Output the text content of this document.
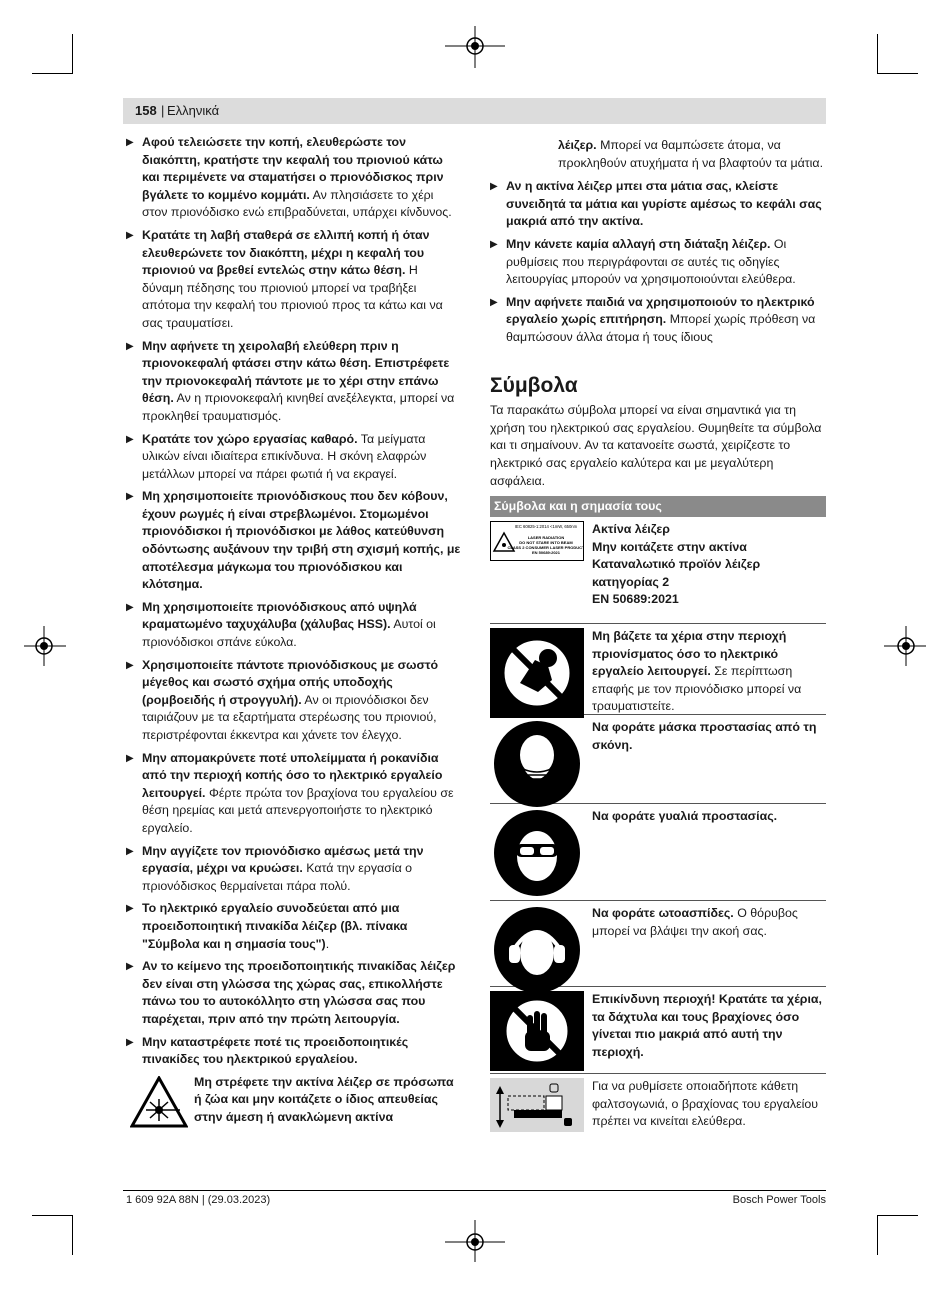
158 | Ελληνικά

▶ Αφού τελειώσετε την κοπή, ελευθερώστε τον διακόπτη, κρατήστε την κεφαλή του πριονιού κάτω και περιμένετε να σταματήσει ο πριονόδισκος πριν βγάλετε το κομμένο κομμάτι. Αν πλησιάσετε το χέρι στον πριονόδισκο ενώ επιβραδύνεται, υπάρχει κίνδυνος.

▶ Κρατάτε τη λαβή σταθερά σε ελλιπή κοπή ή όταν ελευθερώνετε τον διακόπτη, μέχρι η κεφαλή του πριονιού να βρεθεί εντελώς στην κάτω θέση. Η δύναμη πέδησης του πριονιού μπορεί να τραβήξει απότομα την κεφαλή του πριονιού προς τα κάτω και να σας τραυματίσει.

▶ Μην αφήνετε τη χειρολαβή ελεύθερη πριν η πριονοκεφαλή φτάσει στην κάτω θέση. Επιστρέφετε την πριονοκεφαλή πάντοτε με το χέρι στην επάνω θέση. Αν η πριονοκεφαλή κινηθεί ανεξέλεγκτα, μπορεί να προκληθεί τραυματισμός.

▶ Κρατάτε τον χώρο εργασίας καθαρό. Τα μείγματα υλικών είναι ιδιαίτερα επικίνδυνα. Η σκόνη ελαφρών μετάλλων μπορεί να πάρει φωτιά ή να εκραγεί.

▶ Μη χρησιμοποιείτε πριονόδισκους που δεν κόβουν, έχουν ρωγμές ή είναι στρεβλωμένοι. Στομωμένοι πριονόδισκοι ή πριονόδισκοι με λάθος κατεύθυνση οδόντωσης αυξάνουν την τριβή στη σχισμή κοπής, με αποτέλεσμα μάγκωμα του πριονόδισκου και κλότσημα.

▶ Μη χρησιμοποιείτε πριονόδισκους από υψηλά κραματωμένο ταχυχάλυβα (χάλυβας HSS). Αυτοί οι πριονόδισκοι σπάνε εύκολα.

▶ Χρησιμοποιείτε πάντοτε πριονόδισκους με σωστό μέγεθος και σωστό σχήμα οπής υποδοχής (ρομβοειδής ή στρογγυλή). Αν οι πριονόδισκοι δεν ταιριάζουν με τα εξαρτήματα στερέωσης του πριονιού, περιστρέφονται έκκεντρα και χάνετε τον έλεγχο.

▶ Μην απομακρύνετε ποτέ υπολείμματα ή ροκανίδια από την περιοχή κοπής όσο το ηλεκτρικό εργαλείο λειτουργεί. Φέρτε πρώτα τον βραχίονα του εργαλείου σε θέση ηρεμίας και μετά απενεργοποιήστε το ηλεκτρικό εργαλείο.

▶ Μην αγγίζετε τον πριονόδισκο αμέσως μετά την εργασία, μέχρι να κρυώσει. Κατά την εργασία ο πριονόδισκος θερμαίνεται πάρα πολύ.

▶ Το ηλεκτρικό εργαλείο συνοδεύεται από μια προειδοποιητική πινακίδα λέιζερ (βλ. πίνακα "Σύμβολα και η σημασία τους").

▶ Αν το κείμενο της προειδοποιητικής πινακίδας λέιζερ δεν είναι στη γλώσσα της χώρας σας, επικολλήστε πάνω του το αυτοκόλλητο στη γλώσσα σας που παρέχεται, πριν από την πρώτη λειτουργία.

▶ Μην καταστρέφετε ποτέ τις προειδοποιητικές πινακίδες του ηλεκτρικού εργαλείου.

Μη στρέφετε την ακτίνα λέιζερ σε πρόσωπα ή ζώα και μην κοιτάζετε ο ίδιος απευθείας στην άμεση ή ανακλώμενη ακτίνα

λέιζερ. Μπορεί να θαμπώσετε άτομα, να προκληθούν ατυχήματα ή να βλαφτούν τα μάτια.

▶ Αν η ακτίνα λέιζερ μπει στα μάτια σας, κλείστε συνειδητά τα μάτια και γυρίστε αμέσως το κεφάλι σας μακριά από την ακτίνα.

▶ Μην κάνετε καμία αλλαγή στη διάταξη λέιζερ. Οι ρυθμίσεις που περιγράφονται σε αυτές τις οδηγίες λειτουργίας μπορούν να χρησιμοποιούνται ελεύθερα.

▶ Μην αφήνετε παιδιά να χρησιμοποιούν το ηλεκτρικό εργαλείο χωρίς επιτήρηση. Μπορεί χωρίς πρόθεση να θαμπώσουν άλλα άτομα ή τους ίδιους

Σύμβολα

Τα παρακάτω σύμβολα μπορεί να είναι σημαντικά για τη χρήση του ηλεκτρικού σας εργαλείου. Θυμηθείτε τα σύμβολα και τι σημαίνουν. Αν τα κατανοείτε σωστά, χειρίζεστε το ηλεκτρικό σας εργαλείο καλύτερα και με μεγαλύτερη ασφάλεια.

Σύμβολα και η σημασία τους
IEC 60825-1:2014 <1mW, 650nm
LASER RADIATION
DO NOT STARE INTO BEAM
CLASS 2 CONSUMER LASER PRODUCT
EN 50689:2021
Ακτίνα λέιζερ
Μην κοιτάζετε στην ακτίνα
Καταναλωτικό προϊόν λέιζερ κατηγορίας 2
EN 50689:2021
Μη βάζετε τα χέρια στην περιοχή πριονίσματος όσο το ηλεκτρικό εργαλείο λειτουργεί. Σε περίπτωση επαφής με τον πριονόδισκο μπορεί να τραυματιστείτε.
Να φοράτε μάσκα προστασίας από τη σκόνη.
Να φοράτε γυαλιά προστασίας.
Να φοράτε ωτοασπίδες. Ο θόρυβος μπορεί να βλάψει την ακοή σας.
Επικίνδυνη περιοχή! Κρατάτε τα χέρια, τα δάχτυλα και τους βραχίονες όσο γίνεται πιο μακριά από αυτή την περιοχή.
Για να ρυθμίσετε οποιαδήποτε κάθετη φαλτσογωνιά, ο βραχίονας του εργαλείου πρέπει να κινείται ελεύθερα.
1 609 92A 88N | (29.03.2023)	Bosch Power Tools
